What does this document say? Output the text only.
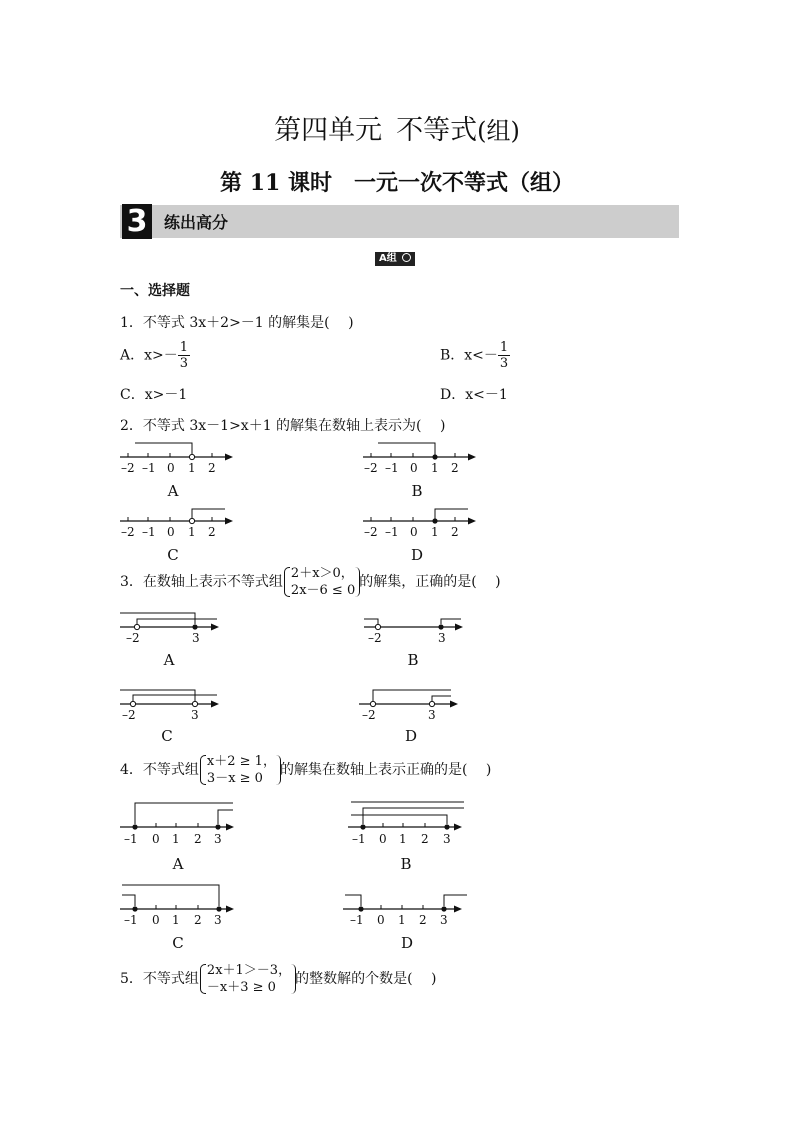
第四单元 不等式(组)
第 11 课时　一元一次不等式（组）
3 练出高分
A组
一、选择题
1．不等式 3x＋2>－1 的解集是(　 )
A．$x>- \frac{1}{3}$	B．$x<- \frac{1}{3}$
C．x>－1	D．x<－1
2．不等式 3x－1>x＋1 的解集在数轴上表示为(　 )
–2 –1 0 1 2
A
–2 –1 0 1 2
B
–2 –1 0 1 2
C
–2 –1 0 1 2
D
3．在数轴上表示不等式组
2＋x＞0，
2x－6 ≤ 0
的解集，正确的是(　 )
–2	3
A
–2	3
B
–2	3
C
–2	3
D
4．不等式组
x＋2 ≥ 1，
3－x ≥ 0
的解集在数轴上表示正确的是(　 )
–1 0 1 2 3
A
–1 0 1 2 3
B
–1 0 1 2 3
C
–1 0 1 2 3
D
5．不等式组
2x＋1＞－3，
－x＋3 ≥ 0
的整数解的个数是(　 )
